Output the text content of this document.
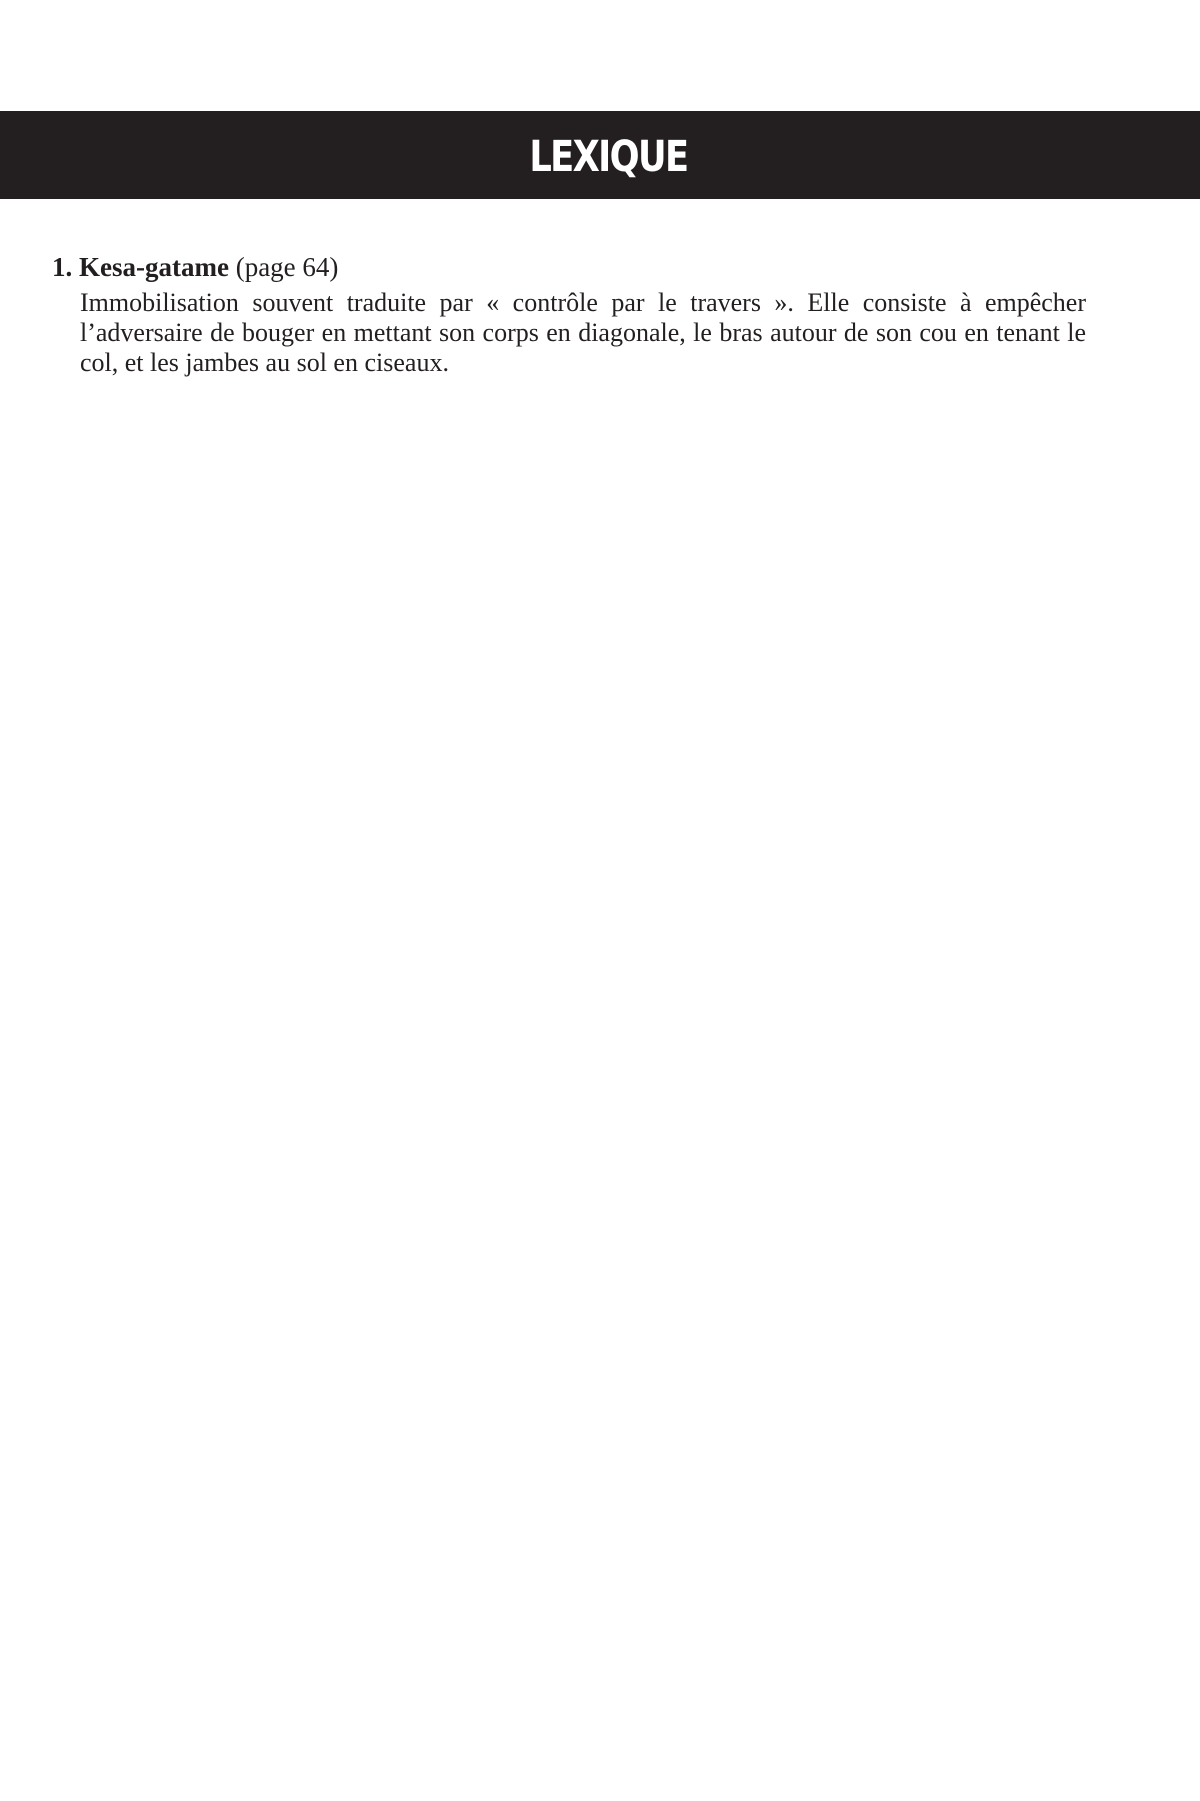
LEXIQUE

1. Kesa-gatame (page 64)

Immobilisation souvent traduite par « contrôle par le travers ». Elle consiste à empêcher l’adversaire de bouger en mettant son corps en diagonale, le bras autour de son cou en tenant le col, et les jambes au sol en ciseaux.
